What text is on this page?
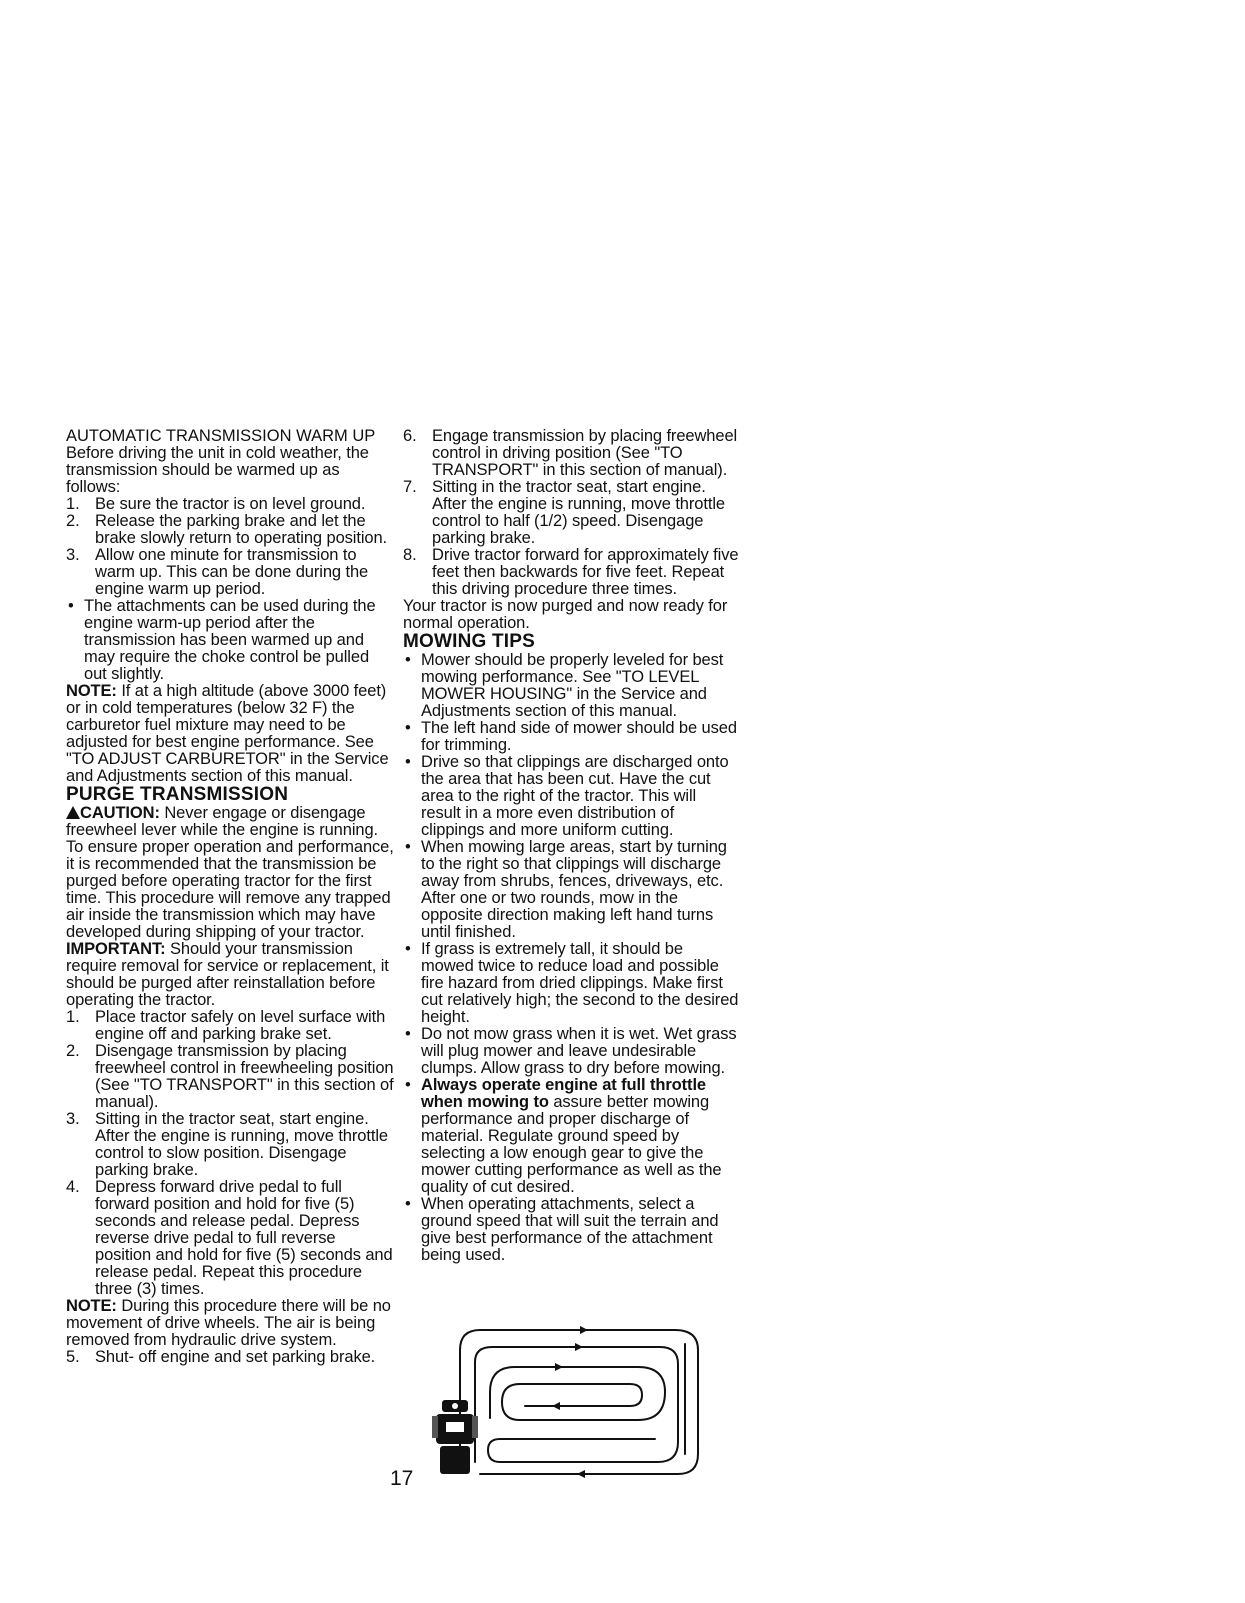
AUTOMATIC TRANSMISSION WARM UP

Before driving the unit in cold weather, the transmission should be warmed up as follows:

1. Be sure the tractor is on level ground.
2. Release the parking brake and let the brake slowly return to operating position.
3. Allow one minute for transmission to warm up. This can be done during the engine warm up period.
• The attachments can be used during the engine warm-up period after the transmission has been warmed up and may require the choke control be pulled out slightly.

NOTE: If at a high altitude (above 3000 feet) or in cold temperatures (below 32 F) the carburetor fuel mixture may need to be adjusted for best engine performance. See "TO ADJUST CARBURETOR" in the Service and Adjustments section of this manual.

PURGE TRANSMISSION

CAUTION: Never engage or disengage freewheel lever while the engine is running.

To ensure proper operation and performance, it is recommended that the transmission be purged before operating tractor for the first time. This procedure will remove any trapped air inside the transmission which may have developed during shipping of your tractor.

IMPORTANT: Should your transmission require removal for service or replacement, it should be purged after reinstallation before operating the tractor.

1. Place tractor safely on level surface with engine off and parking brake set.
2. Disengage transmission by placing freewheel control in freewheeling position (See "TO TRANSPORT" in this section of manual).
3. Sitting in the tractor seat, start engine. After the engine is running, move throttle control to slow position. Disengage parking brake.
4. Depress forward drive pedal to full forward position and hold for five (5) seconds and release pedal. Depress reverse drive pedal to full reverse position and hold for five (5) seconds and release pedal. Repeat this procedure three (3) times.

NOTE: During this procedure there will be no movement of drive wheels. The air is being removed from hydraulic drive system.

5. Shut- off engine and set parking brake.
6. Engage transmission by placing freewheel control in driving position (See "TO TRANSPORT" in this section of manual).
7. Sitting in the tractor seat, start engine. After the engine is running, move throttle control to half (1/2) speed. Disengage parking brake.
8. Drive tractor forward for approximately five feet then backwards for five feet. Repeat this driving procedure three times.

Your tractor is now purged and now ready for normal operation.

MOWING TIPS

• Mower should be properly leveled for best mowing performance. See "TO LEVEL MOWER HOUSING" in the Service and Adjustments section of this manual.
• The left hand side of mower should be used for trimming.
• Drive so that clippings are discharged onto the area that has been cut. Have the cut area to the right of the tractor. This will result in a more even distribution of clippings and more uniform cutting.
• When mowing large areas, start by turning to the right so that clippings will discharge away from shrubs, fences, driveways, etc. After one or two rounds, mow in the opposite direction making left hand turns until finished.
• If grass is extremely tall, it should be mowed twice to reduce load and possible fire hazard from dried clippings. Make first cut relatively high; the second to the desired height.
• Do not mow grass when it is wet. Wet grass will plug mower and leave undesirable clumps. Allow grass to dry before mowing.
• Always operate engine at full throttle when mowing to assure better mowing performance and proper discharge of material. Regulate ground speed by selecting a low enough gear to give the mower cutting performance as well as the quality of cut desired.
• When operating attachments, select a ground speed that will suit the terrain and give best performance of the attachment being used.
17
